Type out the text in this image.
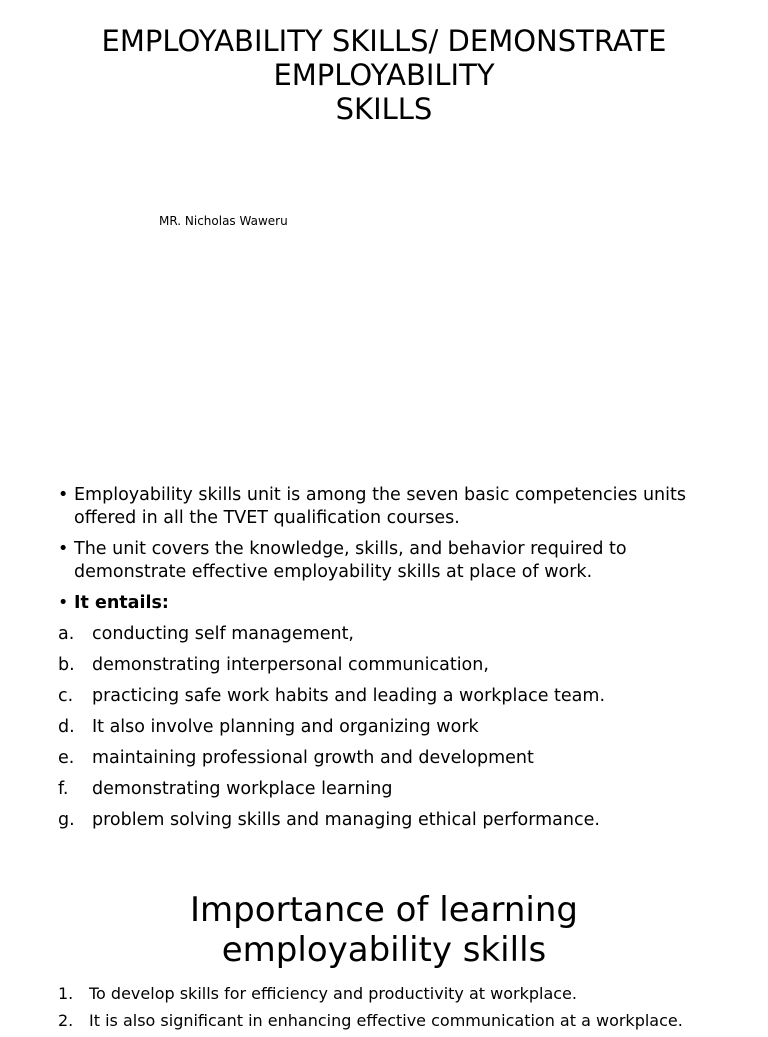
EMPLOYABILITY SKILLS/ DEMONSTRATE
EMPLOYABILITY
SKILLS
MR. Nicholas Waweru
• Employability skills unit is among the seven basic competencies units offered in all the TVET qualification courses.
• The unit covers the knowledge, skills, and behavior required to demonstrate effective employability skills at place of work.
• It entails:
a. conducting self management,
b. demonstrating interpersonal communication,
c. practicing safe work habits and leading a workplace team.
d. It also involve planning and organizing work
e. maintaining professional growth and development
f. demonstrating workplace learning
g. problem solving skills and managing ethical performance.
Importance of learning
employability skills
1. To develop skills for efficiency and productivity at workplace.
2. It is also significant in enhancing effective communication at a workplace.
